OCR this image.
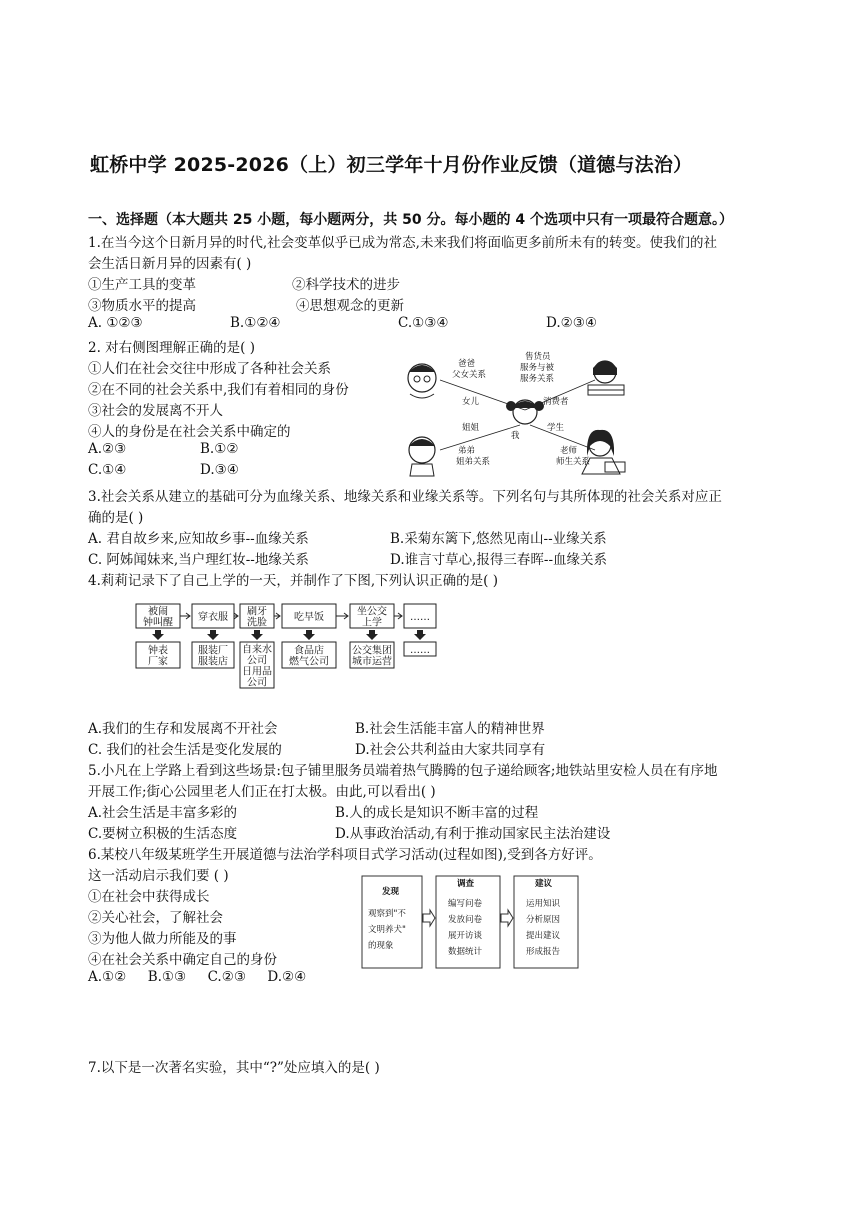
虹桥中学 2025-2026（上）初三学年十月份作业反馈（道德与法治）
一、选择题（本大题共 25 小题，每小题两分，共 50 分。每小题的 4 个选项中只有一项最符合题意。）
1.在当今这个日新月异的时代,社会变革似乎已成为常态,未来我们将面临更多前所未有的转变。使我们的社
会生活日新月异的因素有( )
①生产工具的变革	②科学技术的进步
③物质水平的提高	④思想观念的更新
A. ①②③	B.①②④	C.①③④	D.②③④
2. 对右侧图理解正确的是( )
①人们在社会交往中形成了各种社会关系
②在不同的社会关系中,我们有着相同的身份
③社会的发展离不开人
④人的身份是在社会关系中确定的
A.②③	B.①②
C.①④	D.③④
爸爸
父女关系
售货员
服务与被
服务关系
女儿	消费者
姐姐
我
学生
弟弟
姐弟关系
老师
师生关系
3.社会关系从建立的基础可分为血缘关系、地缘关系和业缘关系等。下列名句与其所体现的社会关系对应正
确的是( )
A. 君自故乡来,应知故乡事--血缘关系	B.采菊东篱下,悠然见南山--业缘关系
C. 阿姊闻妹来,当户理红妆--地缘关系	D.谁言寸草心,报得三春晖--血缘关系
4.莉莉记录下了自己上学的一天，并制作了下图,下列认识正确的是( )
被闹
钟叫醒	穿衣服 刷牙
洗脸	吃早饭	坐公交
上学	……
钟表
厂家
服装厂
服装店
自来水
公司
日用品
公司
食品店
燃气公司
公交集团
城市运营
……
A.我们的生存和发展离不开社会	B.社会生活能丰富人的精神世界
C. 我们的社会生活是变化发展的	D.社会公共利益由大家共同享有
5.小凡在上学路上看到这些场景:包子铺里服务员端着热气腾腾的包子递给顾客;地铁站里安检人员在有序地
开展工作;街心公园里老人们正在打太极。由此,可以看出( )
A.社会生活是丰富多彩的	B.人的成长是知识不断丰富的过程
C.要树立积极的生活态度	D.从事政治活动,有利于推动国家民主法治建设
6.某校八年级某班学生开展道德与法治学科项目式学习活动(过程如图),受到各方好评。
这一活动启示我们要 ( )
①在社会中获得成长
②关心社会，了解社会
③为他人做力所能及的事
④在社会关系中确定自己的身份
A.①②     B.①③     C.②③     D.②④
发现
调查	建议
观察到"不
文明养犬"
的现象
编写问卷
发放问卷
展开访谈
数据统计
运用知识
分析原因
提出建议
形成报告
7.以下是一次著名实验，其中“?”处应填入的是( )
